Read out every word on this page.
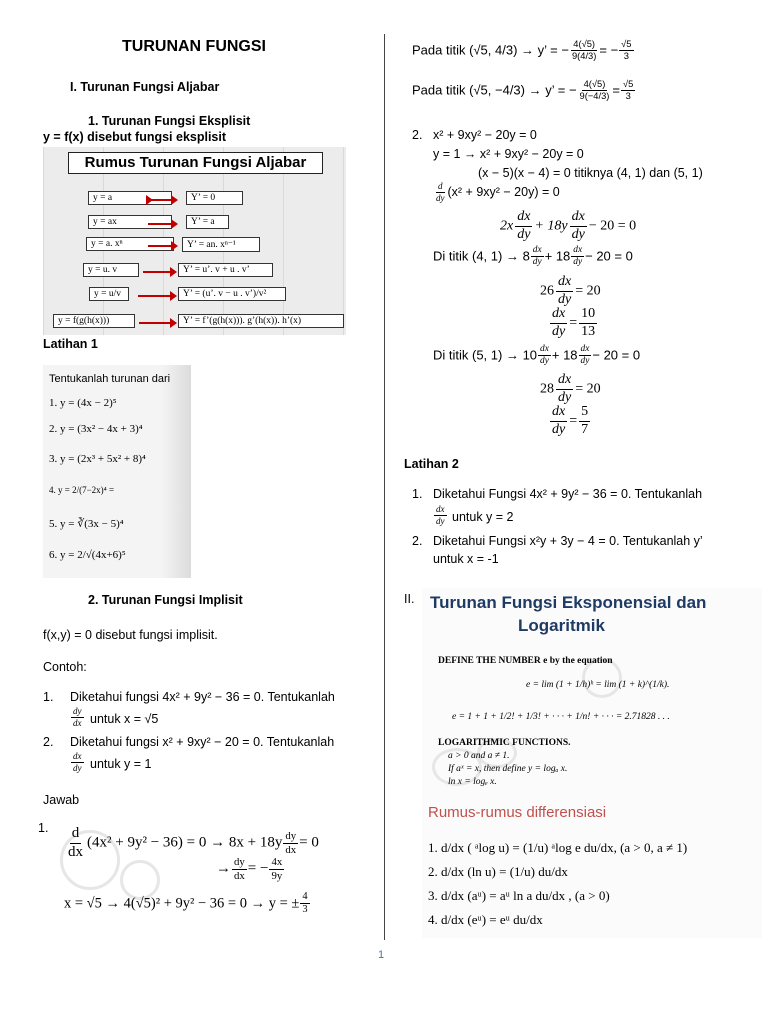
TURUNAN FUNGSI
I. Turunan Fungsi Aljabar
1. Turunan Fungsi Eksplisit
y = f(x) disebut fungsi eksplisit
Rumus Turunan Fungsi Aljabar
y = a	Y’ = 0
y = ax	Y’ = a
y = a. xⁿ	Y’ = an. xⁿ⁻¹
y = u. v	Y’ = u’. v + u . v’
y = u/v	Y’ = (u’. v − u . v’)/v²
y = f(g(h(x)))	Y’ = f’(g(h(x))). g’(h(x)). h’(x)
Latihan 1
Tentukanlah turunan dari
1. y = (4x − 2)⁵
2. y = (3x² − 4x + 3)⁴
3. y = (2x³ + 5x² + 8)⁴
4. y = 2/(7−2x)⁴ =
5. y = ∛(3x − 5)⁴
6. y = 2/√(4x+6)⁵
2. Turunan Fungsi Implisit
f(x,y) = 0 disebut fungsi implisit.
Contoh:
1. Diketahui fungsi 4x² + 9y² − 36 = 0. Tentukanlah
$\frac{dy}{dx}$ untuk x = √5
2. Diketahui fungsi x² + 9xy² − 20 = 0. Tentukanlah
$\frac{dx}{dy}$ untuk y = 1
Jawab
1. $\frac{d}{dx} (4x^2 + 9y^2 - 36) = 0 \to 8x + 18y \frac{dy}{dx} = 0$
→ $\frac{dy}{dx}$ = − $\frac{4x}{9y}$
x = √5 → 4(√5)² + 9y² − 36 = 0 → y = ± $\frac{4}{3}$
Pada titik (√5, 4/3) → y’ = − $\frac{4(√5)}{9(4/3)}$ = − $\frac{√5}{3}$
Pada titik (√5, −4/3) → y’ = − $\frac{4(√5)}{9(-4/3)} = \frac{√5}{3}$
2. x² + 9xy² − 20y = 0
y = 1 → x² + 9xy² − 20y = 0
(x − 5)(x − 4) = 0 titiknya (4, 1) dan (5, 1)
$\frac{d}{dy} (x^2 + 9xy^2 - 20y) = 0$
$2x \frac{dx}{dy} + 18y \frac{dx}{dy} - 20 = 0$
Di titik (4, $1) \to 8 \frac{dx}{dy} + 18 \frac{dx}{dy} - 20 = 0$
$26 \frac{dx}{dy} = 20$
$\frac{dx}{dy} = \frac{10}{13}$
Di titik (5, $1) \to 10 \frac{dx}{dy} + 18 \frac{dx}{dy} - 20 = 0$
$28 \frac{dx}{dy} = 20$
$\frac{dx}{dy} = \frac{5}{7}$
Latihan 2
1. Diketahui Fungsi 4x² + 9y² − 36 = 0. Tentukanlah
$\frac{dx}{dy}$ untuk y = 2
2. Diketahui Fungsi x²y + 3y − 4 = 0. Tentukanlah y’
untuk x = -1
II. Turunan Fungsi Eksponensial dan
Logaritmik
DEFINE THE NUMBER e by the equation
e = lim (1 + 1/h)ʰ = lim (1 + k)^(1/k).
e = 1 + 1 + 1/2! + 1/3! + · · · + 1/n! + · · · = 2.71828 . . .
LOGARITHMIC FUNCTIONS.
a > 0 and a ≠ 1.
If aˣ = x, then define y = logₐ x.
ln x = logₑ x.
Rumus-rumus differensiasi
1. d/dx ( ᵃlog u) = (1/u) ᵃlog e du/dx, (a > 0, a ≠ 1)
2. d/dx (ln u) = (1/u) du/dx
3. d/dx (aᵘ) = aᵘ ln a du/dx , (a > 0)
4. d/dx (eᵘ) = eᵘ du/dx
1
